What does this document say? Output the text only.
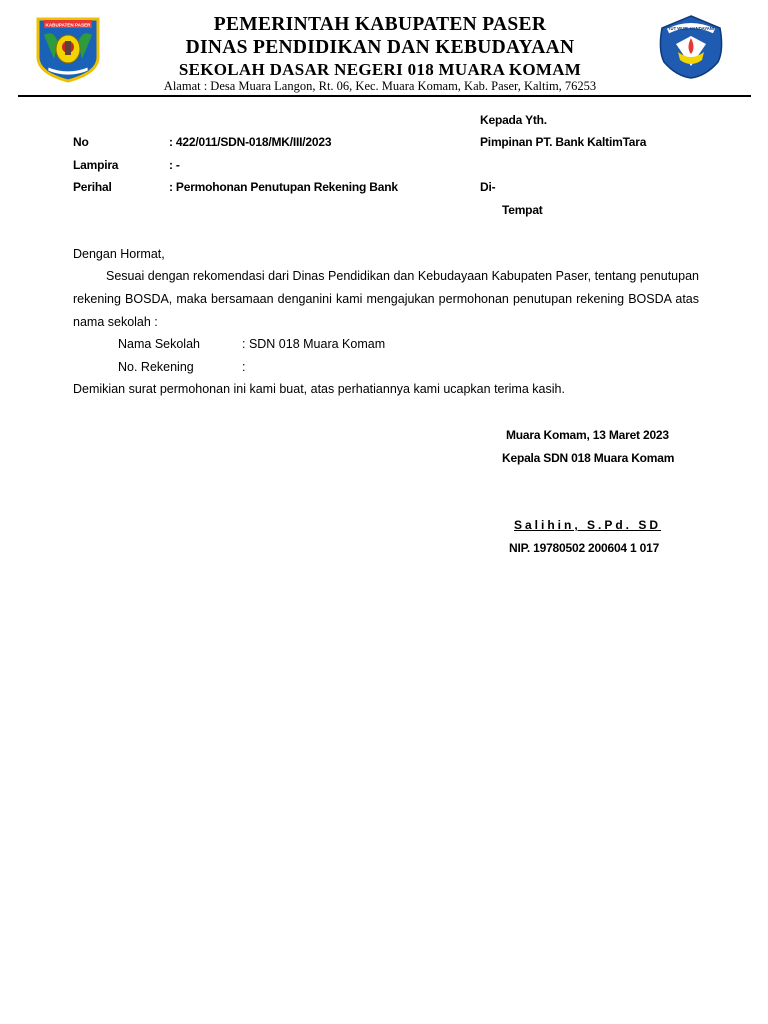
KABUPATEN PASER
TUT WURI HANDAYANI
PEMERINTAH KABUPATEN PASER
DINAS PENDIDIKAN DAN KEBUDAYAAN
SEKOLAH DASAR NEGERI 018 MUARA KOMAM
Alamat : Desa Muara Langon, Rt. 06, Kec. Muara Komam, Kab. Paser, Kaltim, 76253
No	: 422/011/SDN-018/MK/III/2023
Lampira	: -
Perihal	: Permohonan Penutupan Rekening Bank
Kepada Yth.
Pimpinan PT. Bank KaltimTara
Di-
Tempat
Dengan Hormat,
Sesuai dengan rekomendasi dari Dinas Pendidikan dan Kebudayaan Kabupaten Paser, tentang penutupan rekening BOSDA, maka bersamaan denganini kami mengajukan permohonan penutupan rekening BOSDA atas nama sekolah :
Nama Sekolah	: SDN 018 Muara Komam
No. Rekening	:
Demikian surat permohonan ini kami buat, atas perhatiannya kami ucapkan terima kasih.
Muara Komam, 13 Maret 2023
Kepala SDN 018 Muara Komam
Salihin, S.Pd. SD
NIP. 19780502 200604 1 017
